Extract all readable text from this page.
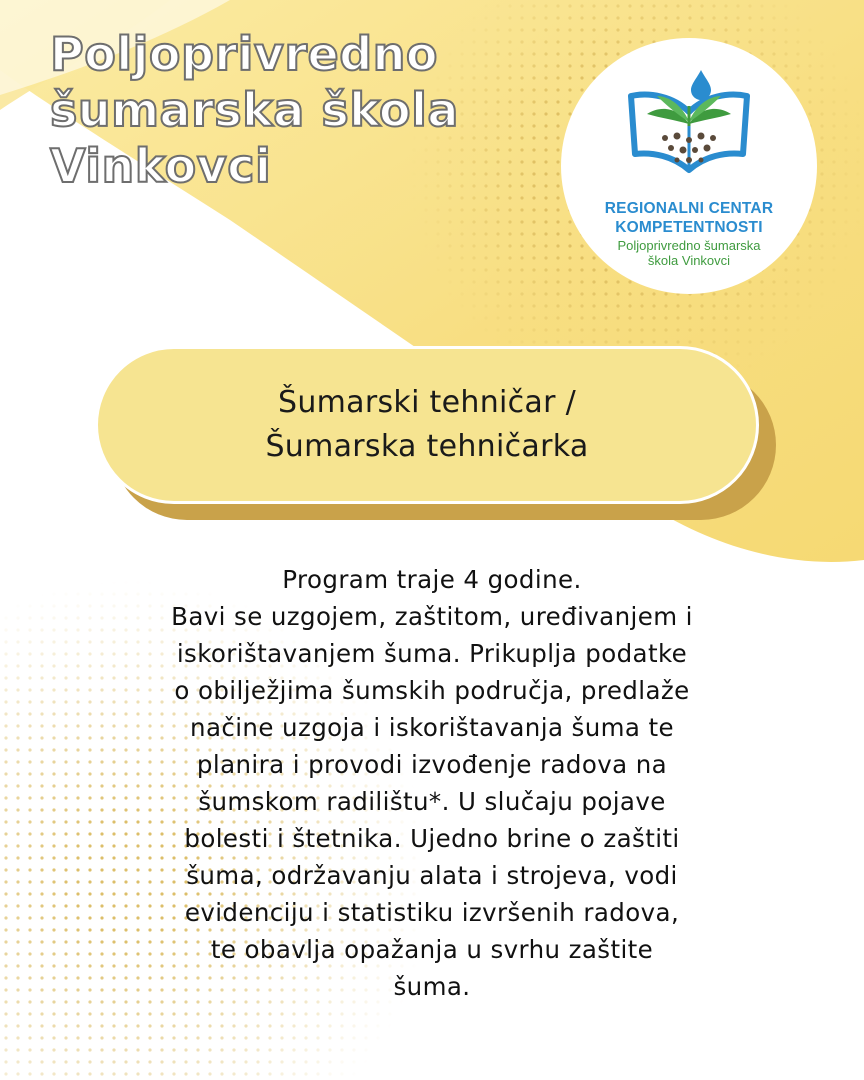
Poljoprivredno
šumarska škola
Vinkovci
REGIONALNI CENTAR
KOMPETENTNOSTI
Poljoprivredno šumarska
škola Vinkovci
Šumarski tehničar /
Šumarska tehničarka
Program traje 4 godine.
Bavi se uzgojem, zaštitom, uređivanjem i
iskorištavanjem šuma. Prikuplja podatke
o obilježjima šumskih područja, predlaže
načine uzgoja i iskorištavanja šuma te
planira i provodi izvođenje radova na
šumskom radilištu*. U slučaju pojave
bolesti i štetnika. Ujedno brine o zaštiti
šuma, održavanju alata i strojeva, vodi
evidenciju i statistiku izvršenih radova,
te obavlja opažanja u svrhu zaštite
šuma.
